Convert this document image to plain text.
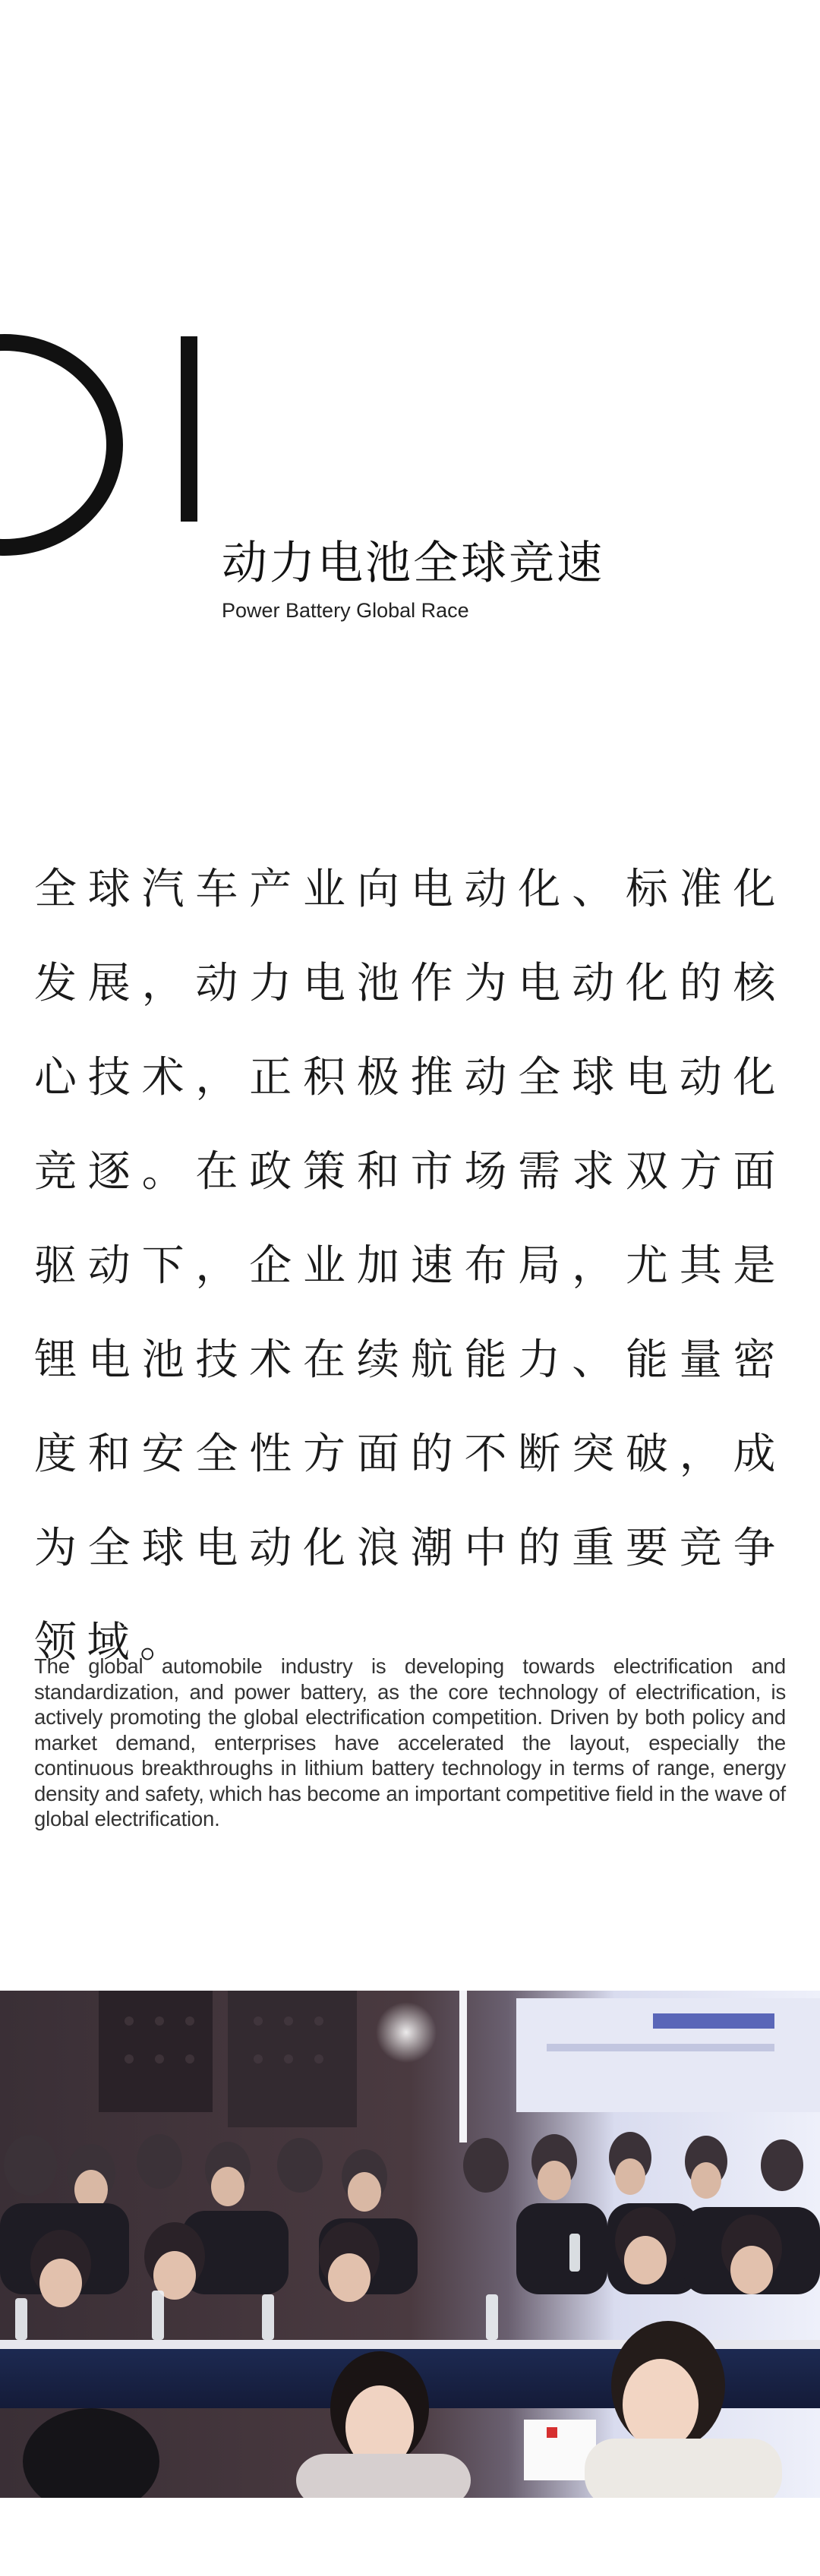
动力电池全球竞速
Power Battery Global Race

全球汽车产业向电动化、标准化发展，动力电池作为电动化的核心技术，正积极推动全球电动化竞逐。在政策和市场需求双方面驱动下，企业加速布局，尤其是锂电池技术在续航能力、能量密度和安全性方面的不断突破，成为全球电动化浪潮中的重要竞争领域。

The global automobile industry is developing towards electrification and standardization, and power battery, as the core technology of electrification, is actively promoting the global electrification competition. Driven by both policy and market demand, enterprises have accelerated the layout, especially the continuous breakthroughs in lithium battery technology in terms of range, energy density and safety, which has become an important competitive field in the wave of global electrification.
